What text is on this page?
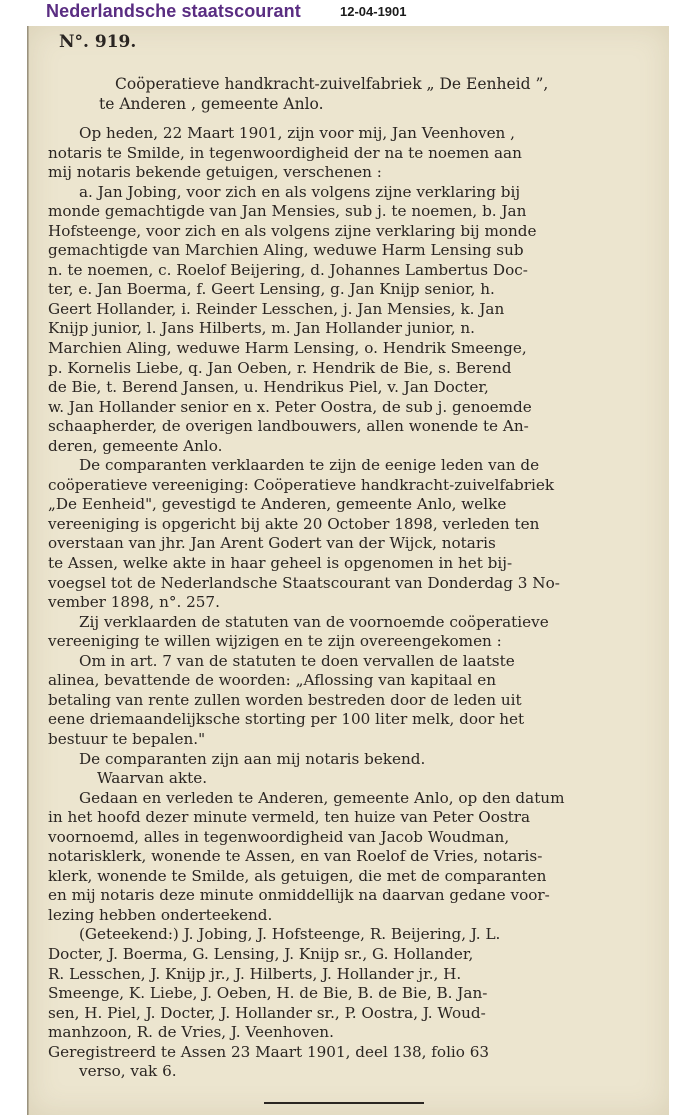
Nederlandsche staatscourant	12-04-1901
N°. 919.
Coöperatieve handkracht-zuivelfabriek „ De Eenheid ”,
te Anderen , gemeente Anlo.
Op heden, 22 Maart 1901, zijn voor mij, Jan Veenhoven ,
notaris te Smilde, in tegenwoordigheid der na te noemen aan
mij notaris bekende getuigen, verschenen :
a. Jan Jobing, voor zich en als volgens zijne verklaring bij
monde gemachtigde van Jan Mensies, sub j. te noemen, b. Jan
Hofsteenge, voor zich en als volgens zijne verklaring bij monde
gemachtigde van Marchien Aling, weduwe Harm Lensing sub
n. te noemen, c. Roelof Beijering, d. Johannes Lambertus Doc-
ter, e. Jan Boerma, f. Geert Lensing, g. Jan Knijp senior, h.
Geert Hollander, i. Reinder Lesschen, j. Jan Mensies, k. Jan
Knijp junior, l. Jans Hilberts, m. Jan Hollander junior, n.
Marchien Aling, weduwe Harm Lensing, o. Hendrik Smeenge,
p. Kornelis Liebe, q. Jan Oeben, r. Hendrik de Bie, s. Berend
de Bie, t. Berend Jansen, u. Hendrikus Piel, v. Jan Docter,
w. Jan Hollander senior en x. Peter Oostra, de sub j. genoemde
schaapherder, de overigen landbouwers, allen wonende te An-
deren, gemeente Anlo.
De comparanten verklaarden te zijn de eenige leden van de
coöperatieve vereeniging: Coöperatieve handkracht-zuivelfabriek
„De Eenheid", gevestigd te Anderen, gemeente Anlo, welke
vereeniging is opgericht bij akte 20 October 1898, verleden ten
overstaan van jhr. Jan Arent Godert van der Wijck, notaris
te Assen, welke akte in haar geheel is opgenomen in het bij-
voegsel tot de Nederlandsche Staatscourant van Donderdag 3 No-
vember 1898, n°. 257.
Zij verklaarden de statuten van de voornoemde coöperatieve
vereeniging te willen wijzigen en te zijn overeengekomen :
Om in art. 7 van de statuten te doen vervallen de laatste
alinea, bevattende de woorden: „Aflossing van kapitaal en
betaling van rente zullen worden bestreden door de leden uit
eene driemaandelijksche storting per 100 liter melk, door het
bestuur te bepalen."
De comparanten zijn aan mij notaris bekend.
Waarvan akte.
Gedaan en verleden te Anderen, gemeente Anlo, op den datum
in het hoofd dezer minute vermeld, ten huize van Peter Oostra
voornoemd, alles in tegenwoordigheid van Jacob Woudman,
notarisklerk, wonende te Assen, en van Roelof de Vries, notaris-
klerk, wonende te Smilde, als getuigen, die met de comparanten
en mij notaris deze minute onmiddellijk na daarvan gedane voor-
lezing hebben onderteekend.
(Geteekend:) J. Jobing, J. Hofsteenge, R. Beijering, J. L.
Docter, J. Boerma, G. Lensing, J. Knijp sr., G. Hollander,
R. Lesschen, J. Knijp jr., J. Hilberts, J. Hollander jr., H.
Smeenge, K. Liebe, J. Oeben, H. de Bie, B. de Bie, B. Jan-
sen, H. Piel, J. Docter, J. Hollander sr., P. Oostra, J. Woud-
manhzoon, R. de Vries, J. Veenhoven.
Geregistreerd te Assen 23 Maart 1901, deel 138, folio 63
verso, vak 6.
